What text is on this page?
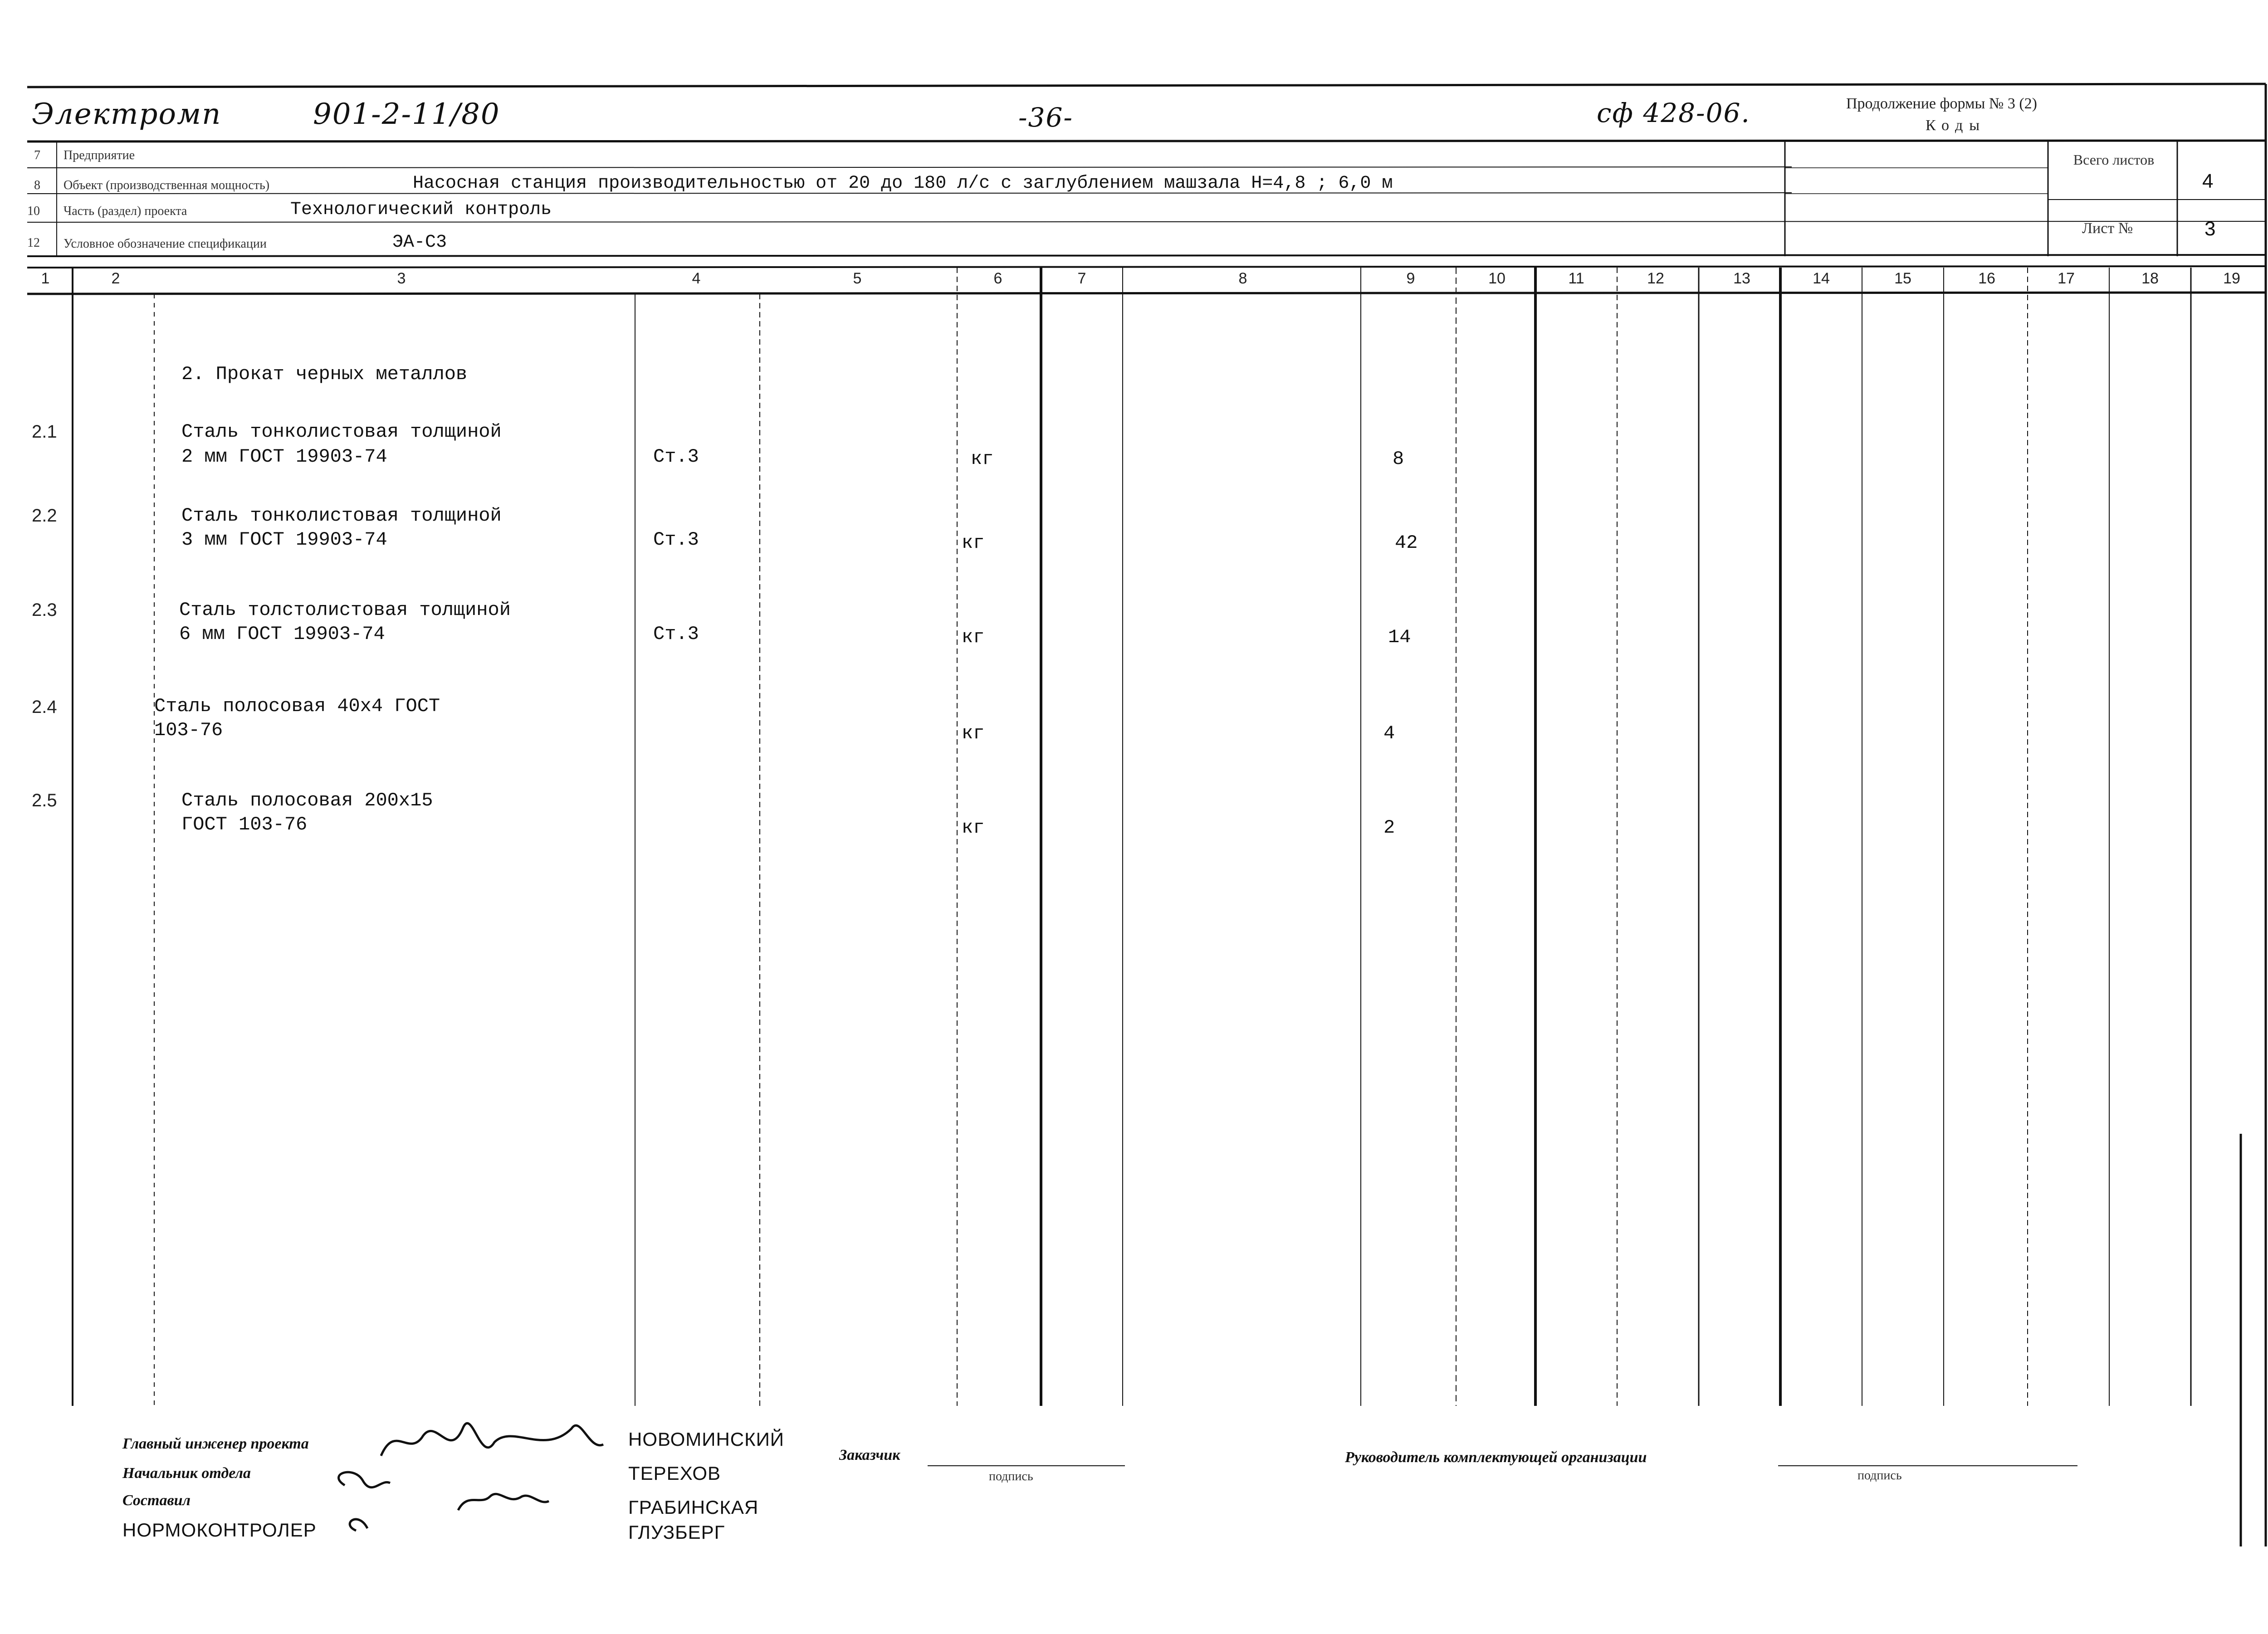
Электромп	901-2-11/80	-36-	сф 428-06.	Продолжение формы № 3 (2)
Коды
Всего листов
4
Лист №	3
7 Предприятие
8 Объект (производственная мощность)	Насосная станция производительностью от 20 до 180 л/с с заглублением машзала Н=4,8 ; 6,0 м
10 Часть (раздел) проекта	Технологический контроль
12 Условное обозначение спецификации	ЭА-С3
1	2	3	4	5	6	7	8	9	10	11	12	13	14	15	16	17	18	19
2. Прокат черных металлов
2.1	Сталь тонколистовая толщиной
2 мм ГОСТ 19903-74	Ст.3	кг	8
2.2	Сталь тонколистовая толщиной
3 мм ГОСТ 19903-74	Ст.3	кг	42
2.3	Сталь толстолистовая толщиной
6 мм ГОСТ 19903-74	Ст.3	кг	14
2.4	Сталь полосовая 40х4 ГОСТ
103-76	кг	4
2.5	Сталь полосовая 200х15
ГОСТ 103-76	кг	2
Главный инженер проекта	НОВОМИНСКИЙ
Начальник отдела	ТЕРЕХОВ
Составил	ГРАБИНСКАЯ
НОРМОКОНТРОЛЕР	ГЛУЗБЕРГ
Заказчик
подпись
Руководитель комплектующей организации
подпись
